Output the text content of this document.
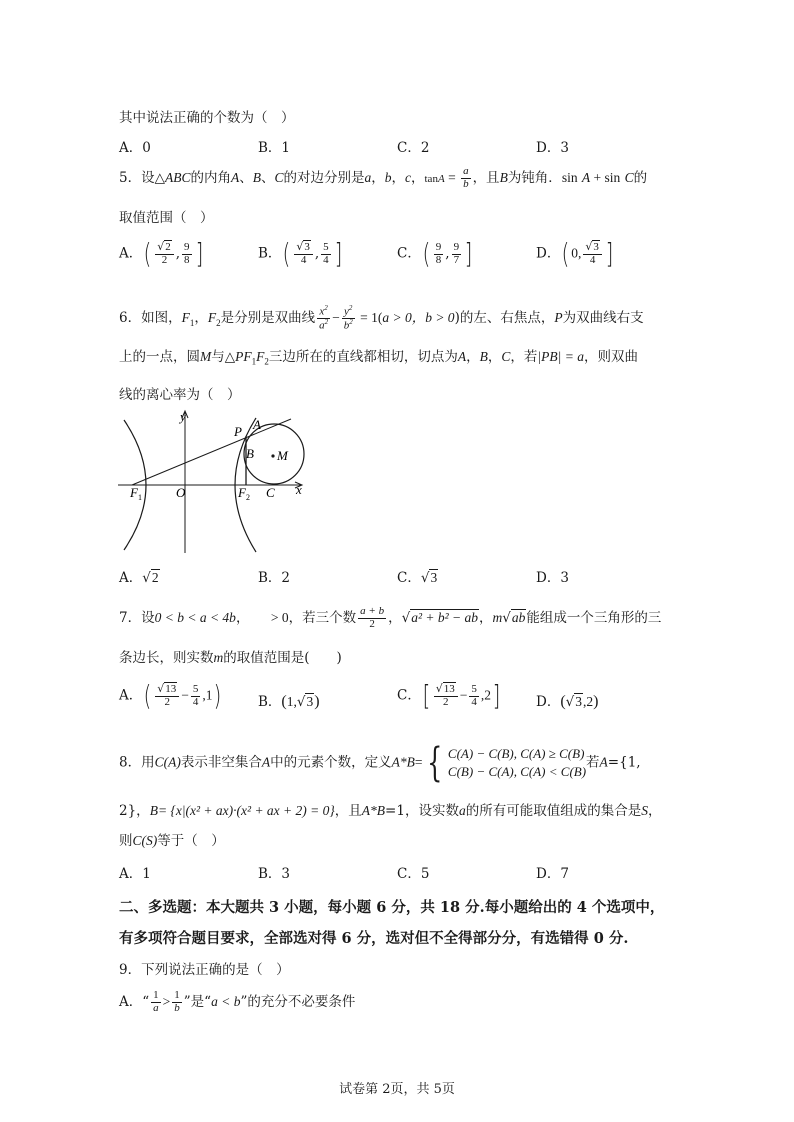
其中说法正确的个数为（　）
A．0	B．1	C．2	D．3
5．设△ABC的内角A、B、C的对边分别是a，b，c，$\tan A = \frac{a}{b}$ ，且B为钝角．sin A + sin C的
取值范围（　）
A．( $\frac{√2}{2}$ , $\frac{9}{8}$ ]	B．( $\frac{√3}{4}$ , $\frac{5}{4}$ ]	C．( $\frac{9}{8}$ , $\frac{9}{7}$ ]	D．( 0, $\frac{√3}{4}$ ]
6．如图，$F_1$，$F_2$是分别是双曲线 $\frac{x^2}{a^2} - \frac{y^2}{b^2} = 1(a > 0$，b > 0)的左、右焦点，P为双曲线右支
上的一点，圆M与$\triangle PF_1F_2$三边所在的直线都相切，切点为A，B，C，若|PB| = a，则双曲
线的离心率为（　）
y
x
O
$F_1$	$F_2$ C
P A
B M
A．√2	B．2	C．√3	D．3
7．设0 < b < a < 4b， > 0，若三个数 $\frac{a + b}{2}$ ，√a² + b² − ab，m√ab能组成一个三角形的三
条边长，则实数m的取值范围是(　　)
A．( $\frac{√13}{2} - \frac{5}{4} ,1$)	B．(1,√3)	C．[ $\frac{√13}{2} - \frac{5}{4} ,2$]	D．(√3,2)
8．用C(A)表示非空集合A中的元素个数，定义A*B= { C(A) − C(B), C(A) ≥ C(B)
C(B) − C(A), C(A) < C(B)
若A={1,
2}，B= {x|(x² + ax)·(x² + ax + 2) = 0}，且A*B=1，设实数a的所有可能取值组成的集合是S，
则C(S)等于（　）
A．1	B．3	C．5	D．7
二、多选题：本大题共 3 小题，每小题 6 分，共 18 分.每小题给出的 4 个选项中，
有多项符合题目要求，全部选对得 6 分，选对但不全得部分分，有选错得 0 分.
9．下列说法正确的是（　）
A．“ $\frac{1}{a} > \frac{1}{b}$ ”是“a < b”的充分不必要条件
试卷第 2页，共 5页
